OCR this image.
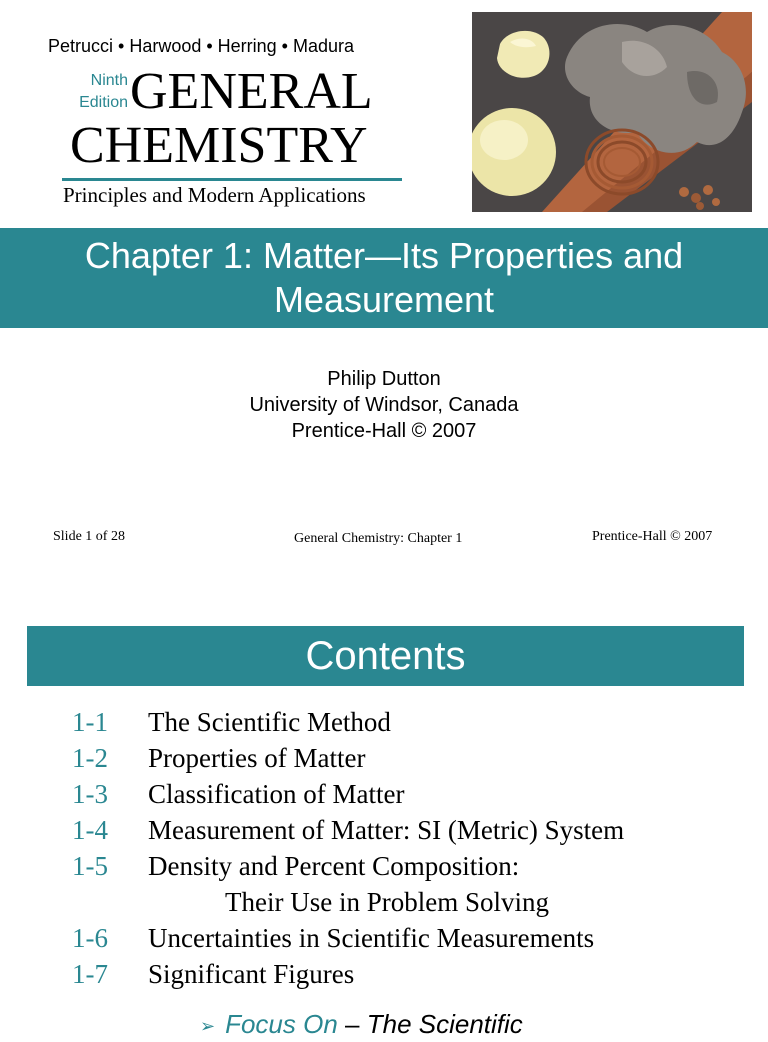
Petrucci • Harwood • Herring • Madura
Ninth
Edition GENERAL
CHEMISTRY
Principles and Modern Applications
Chapter 1: Matter—Its Properties and Measurement
Philip Dutton
University of Windsor, Canada
Prentice-Hall © 2007
Slide 1 of 28	General Chemistry: Chapter 1	Prentice-Hall © 2007
Contents
1-1 The Scientific Method
1-2 Properties of Matter
1-3 Classification of Matter
1-4 Measurement of Matter: SI (Metric) System
1-5 Density and Percent Composition:
Their Use in Problem Solving
1-6 Uncertainties in Scientific Measurements
1-7 Significant Figures
➢ Focus On – The Scientific
